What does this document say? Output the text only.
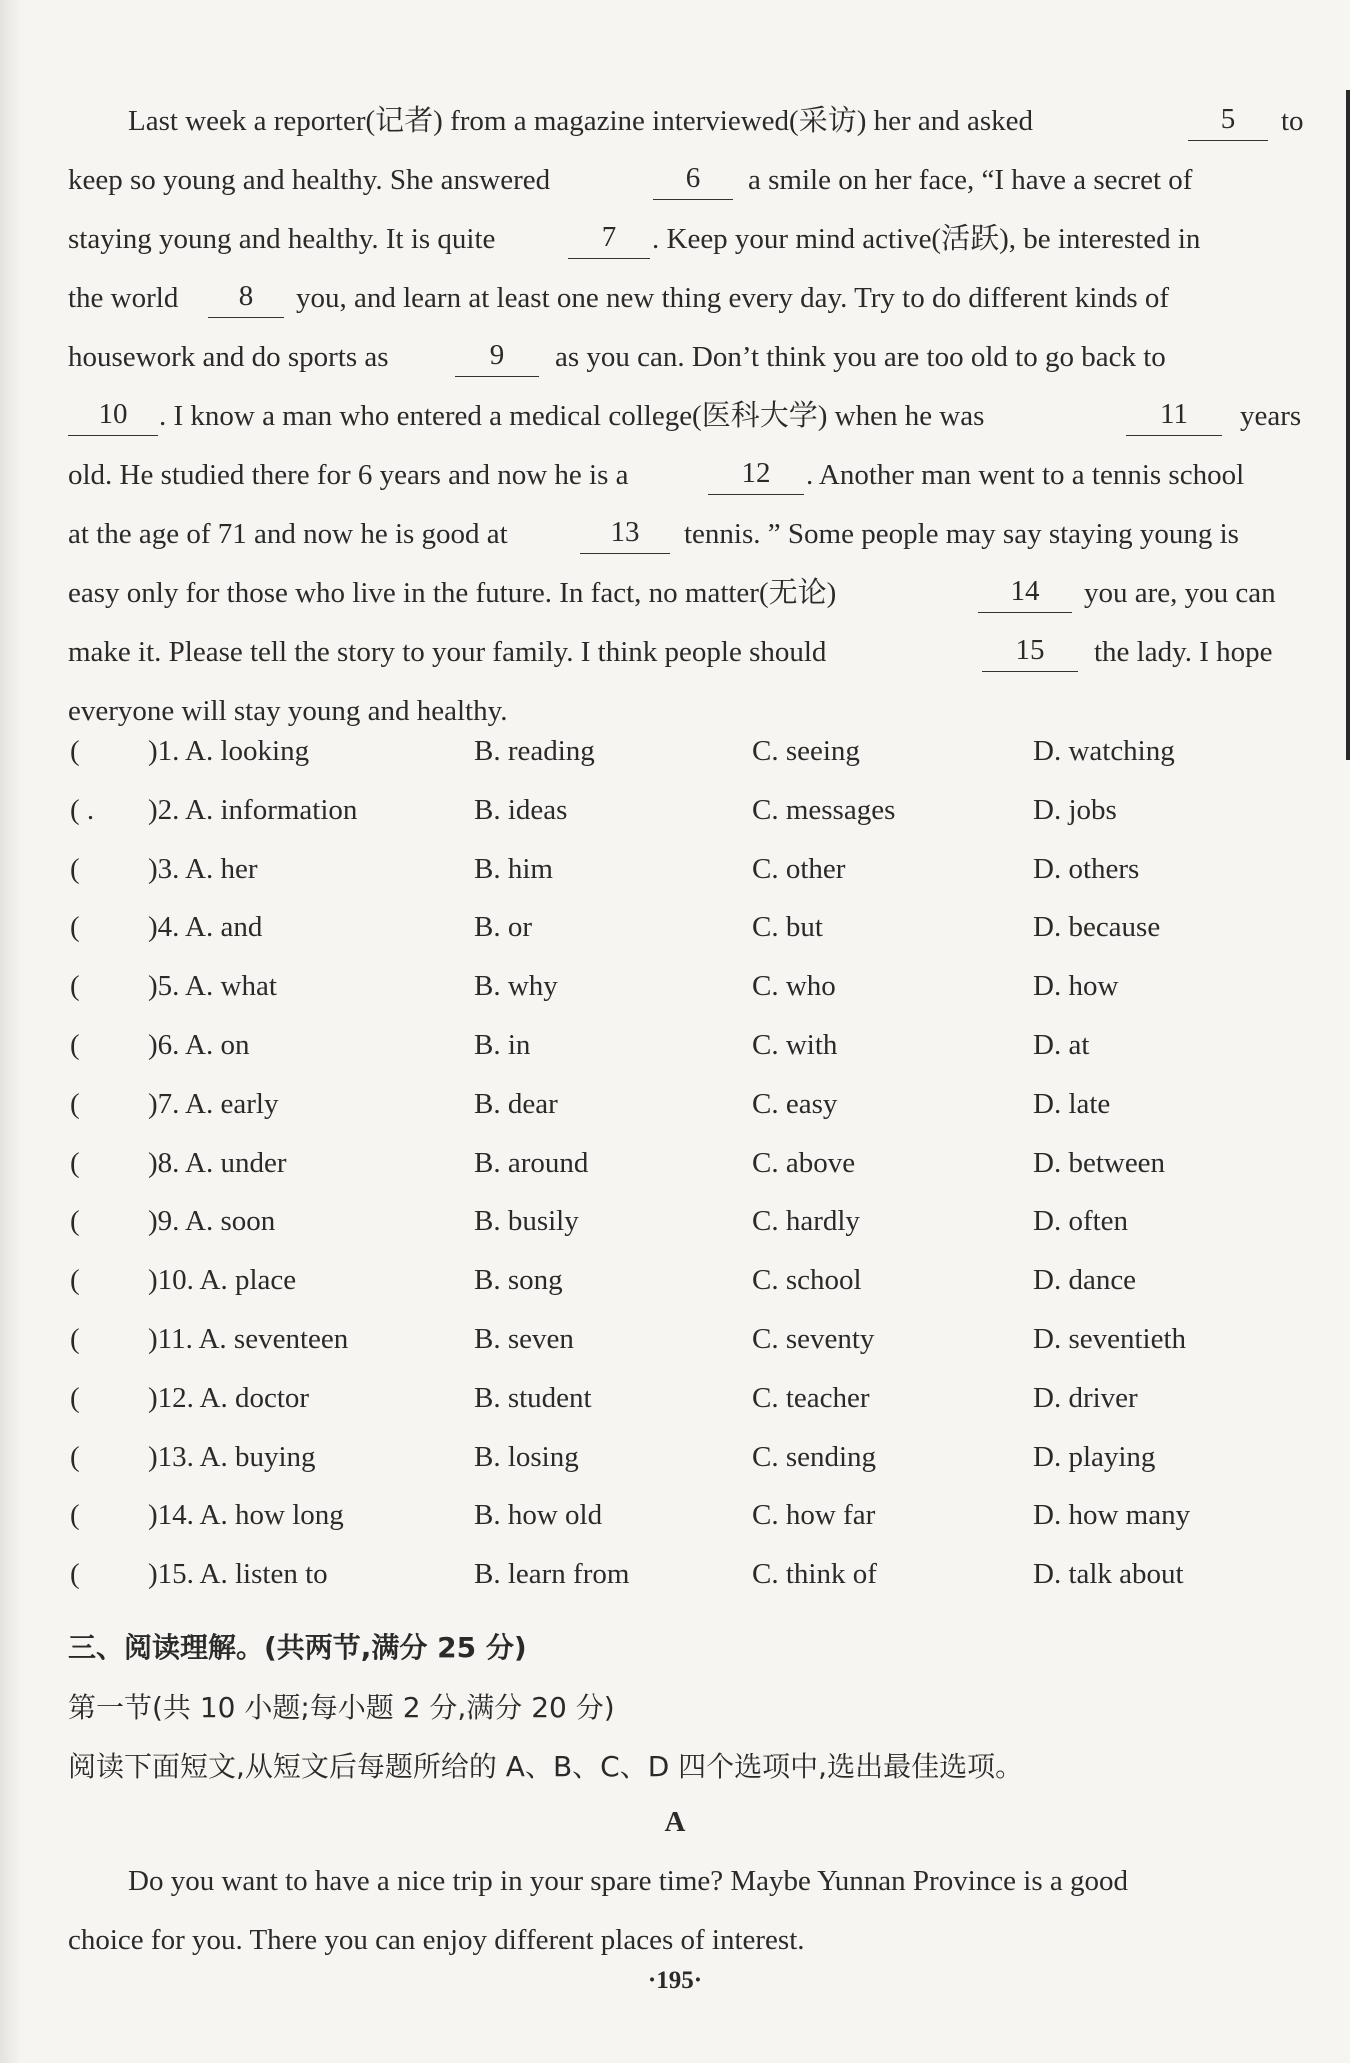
Last week a reporter(记者) from a magazine interviewed(采访) her and asked	5	to
keep so young and healthy. She answered	6	a smile on her face, “I have a secret of
staying young and healthy. It is quite	7	. Keep your mind active(活跃), be interested in
the world	8	you, and learn at least one new thing every day. Try to do different kinds of
housework and do sports as	9	as you can. Don’t think you are too old to go back to
10	. I know a man who entered a medical college(医科大学) when he was	11	years
old. He studied there for 6 years and now he is a	12	. Another man went to a tennis school
at the age of 71 and now he is good at	13	tennis. ” Some people may say staying young is
easy only for those who live in the future. In fact, no matter(无论)	14	you are, you can
make it. Please tell the story to your family. I think people should	15	the lady. I hope
everyone will stay young and healthy.
( )1. A. looking	B. reading	C. seeing	D. watching
( . )2. A. information	B. ideas	C. messages	D. jobs
( )3. A. her	B. him	C. other	D. others
( )4. A. and	B. or	C. but	D. because
( )5. A. what	B. why	C. who	D. how
( )6. A. on	B. in	C. with	D. at
( )7. A. early	B. dear	C. easy	D. late
( )8. A. under	B. around	C. above	D. between
( )9. A. soon	B. busily	C. hardly	D. often
( )10. A. place	B. song	C. school	D. dance
( )11. A. seventeen	B. seven	C. seventy	D. seventieth
( )12. A. doctor	B. student	C. teacher	D. driver
( )13. A. buying	B. losing	C. sending	D. playing
( )14. A. how long	B. how old	C. how far	D. how many
( )15. A. listen to	B. learn from	C. think of	D. talk about
三、阅读理解。(共两节,满分 25 分)
第一节(共 10 小题;每小题 2 分,满分 20 分)
阅读下面短文,从短文后每题所给的 A、B、C、D 四个选项中,选出最佳选项。
A
Do you want to have a nice trip in your spare time? Maybe Yunnan Province is a good
choice for you. There you can enjoy different places of interest.
·195·
